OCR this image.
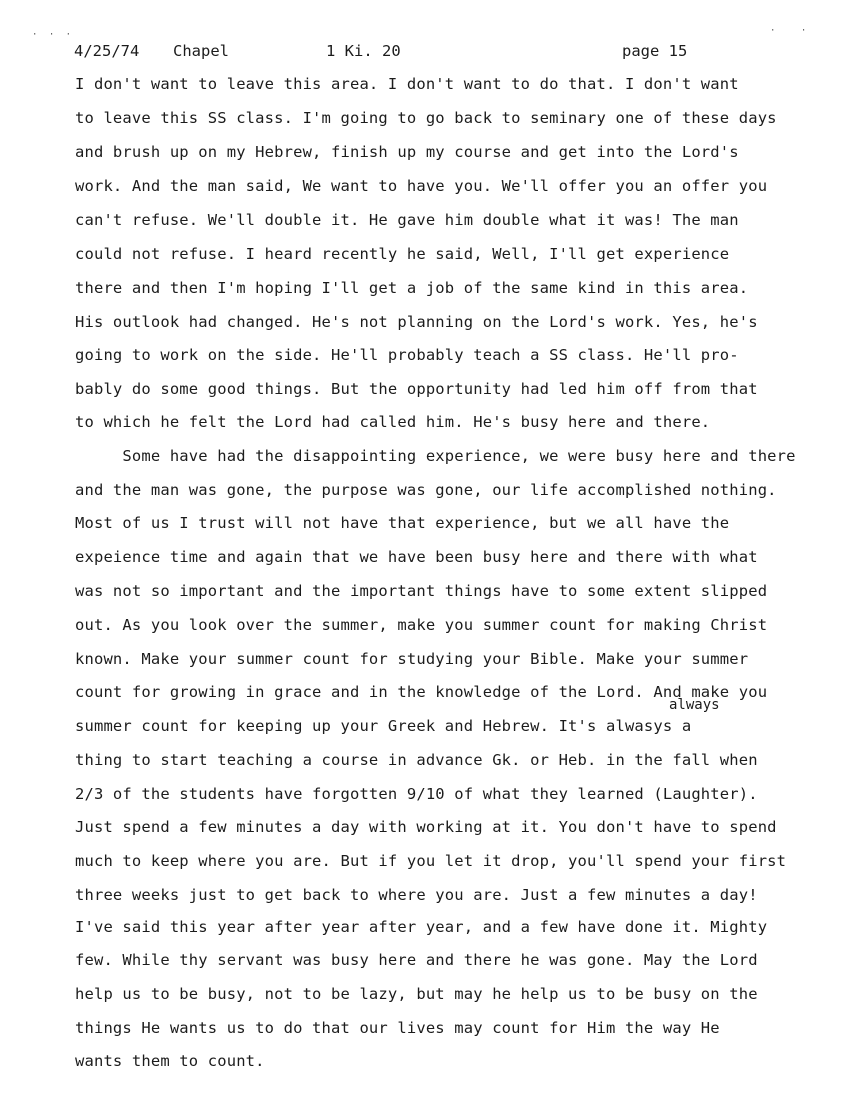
· · ·	· ·
4/25/74 Chapel	1 Ki. 20	page 15
always
I don't want to leave this area. I don't want to do that. I don't want
to leave this SS class. I'm going to go back to seminary one of these days
and brush up on my Hebrew, finish up my course and get into the Lord's
work. And the man said, We want to have you. We'll offer you an offer you
can't refuse. We'll double it. He gave him double what it was! The man
could not refuse. I heard recently he said, Well, I'll get experience
there and then I'm hoping I'll get a job of the same kind in this area.
His outlook had changed. He's not planning on the Lord's work. Yes, he's
going to work on the side. He'll probably teach a SS class. He'll pro-
bably do some good things. But the opportunity had led him off from that
to which he felt the Lord had called him. He's busy here and there.
Some have had the disappointing experience, we were busy here and there
and the man was gone, the purpose was gone, our life accomplished nothing.
Most of us I trust will not have that experience, but we all have the
expeience time and again that we have been busy here and there with what
was not so important and the important things have to some extent slipped
out. As you look over the summer, make you summer count for making Christ
known. Make your summer count for studying your Bible. Make your summer
count for growing in grace and in the knowledge of the Lord. And make you
summer count for keeping up your Greek and Hebrew. It's alwasys a
thing to start teaching a course in advance Gk. or Heb. in the fall when
2/3 of the students have forgotten 9/10 of what they learned (Laughter).
Just spend a few minutes a day with working at it. You don't have to spend
much to keep where you are. But if you let it drop, you'll spend your first
three weeks just to get back to where you are. Just a few minutes a day!
I've said this year after year after year, and a few have done it. Mighty
few. While thy servant was busy here and there he was gone. May the Lord
help us to be busy, not to be lazy, but may he help us to be busy on the
things He wants us to do that our lives may count for Him the way He
wants them to count.
